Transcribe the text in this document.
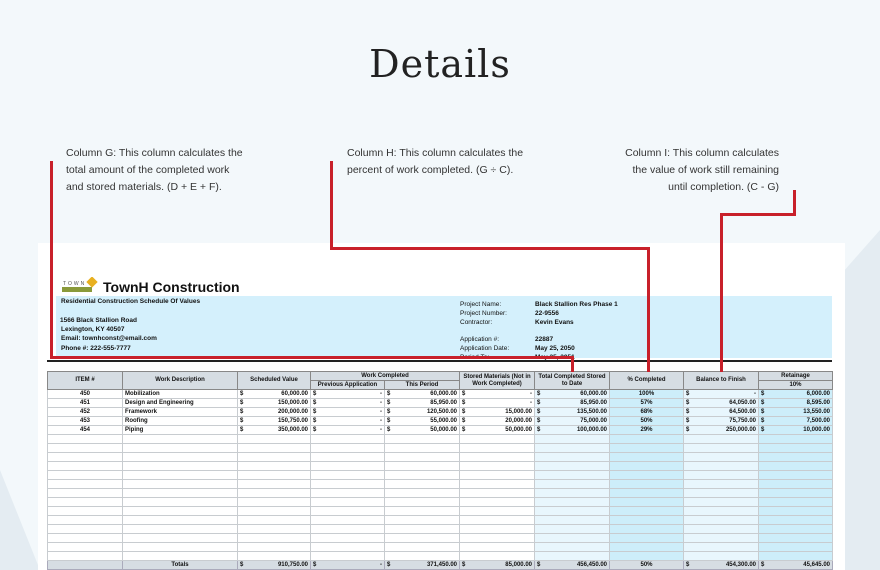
Details
Column G: This column calculates the
total amount of the completed work
and stored materials. (D + E + F).
Column H: This column calculates the
percent of work completed. (G ÷ C).
Column I: This column calculates
the value of work still remaining
until completion. (C - G)
TOWN TownH Construction
Residential Construction Schedule Of Values
1566 Black Stallion Road
Lexington, KY 40507
Email: townhconst@email.com
Phone #: 222-555-7777
Project Name:	Black Stallion Res Phase 1
Project Number:	22-9556
Contractor:	Kevin Evans
Application #:	22887
Application Date:	May 25, 2050
ITEM #	Work Description	Scheduled Value	Work Completed		Stored Materials (Not in Work Completed)	Total Completed Stored to Date	% Completed	Balance to Finish	Retainage
			Previous Application	This Period					10%
450	Mobilization	$ 60,000.00	$ -	$ 60,000.00	$ -	$ 60,000.00	100%	$ -	$ 6,000.00

451	Design and Engineering	$ 150,000.00	$ -	$ 85,950.00	$ -	$ 85,950.00	57%	$ 64,050.00	$ 8,595.00

452	Framework	$ 200,000.00	$ -	$ 120,500.00	$ 15,000.00	$ 135,500.00	68%	$ 64,500.00	$ 13,550.00

453	Roofing	$ 150,750.00	$ -	$ 55,000.00	$ 20,000.00	$ 75,000.00	50%	$ 75,750.00	$ 7,500.00

454	Piping	$ 350,000.00	$ -	$ 50,000.00	$ 50,000.00	$ 100,000.00	29%	$ 250,000.00	$ 10,000.00

	Totals	$ 910,750.00	$ -	$ 371,450.00	$ 85,000.00	$ 456,450.00	50%	$ 454,300.00	$ 45,645.00
